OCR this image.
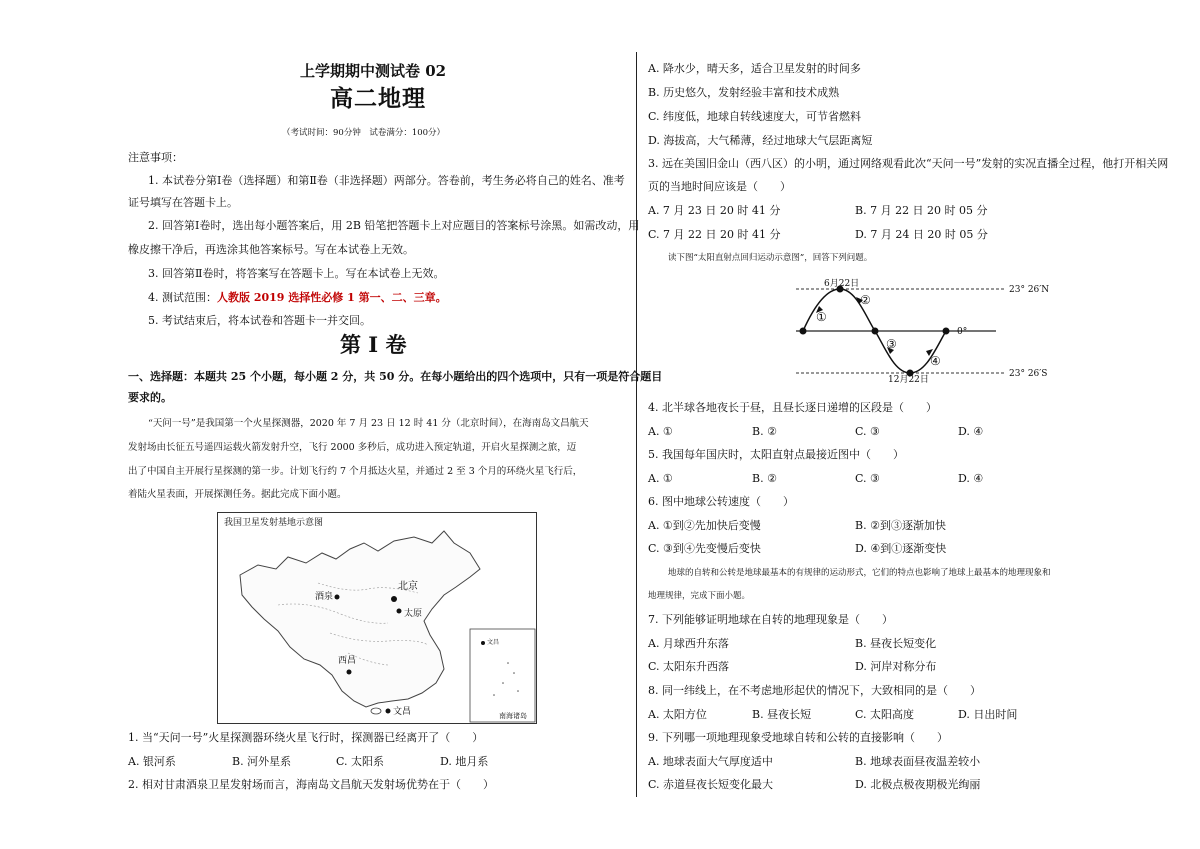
上学期期中测试卷 02
高二地理
（考试时间：90分钟　试卷满分：100分）
注意事项：
1. 本试卷分第Ⅰ卷（选择题）和第Ⅱ卷（非选择题）两部分。答卷前，考生务必将自己的姓名、准考
证号填写在答题卡上。
2. 回答第Ⅰ卷时，选出每小题答案后，用 2B 铅笔把答题卡上对应题目的答案标号涂黑。如需改动，用
橡皮擦干净后，再选涂其他答案标号。写在本试卷上无效。
3. 回答第Ⅱ卷时，将答案写在答题卡上。写在本试卷上无效。
4. 测试范围：人教版 2019 选择性必修 1 第一、二、三章。
5. 考试结束后，将本试卷和答题卡一并交回。
第 I 卷
一、选择题：本题共 25 个小题，每小题 2 分，共 50 分。在每小题给出的四个选项中，只有一项是符合题目
要求的。
“天问一号”是我国第一个火星探测器，2020 年 7 月 23 日 12 时 41 分（北京时间），在海南岛文昌航天
发射场由长征五号遥四运载火箭发射升空，飞行 2000 多秒后，成功进入预定轨道，开启火星探测之旅，迈
出了中国自主开展行星探测的第一步。计划飞行约 7 个月抵达火星，并通过 2 至 3 个月的环绕火星飞行后，
着陆火星表面，开展探测任务。据此完成下面小题。
我国卫星发射基地示意图
北京
酒泉
太原
西昌
文昌
文昌
南海诸岛
1. 当“天问一号”火星探测器环绕火星飞行时，探测器已经离开了（　　）
A. 银河系	B. 河外星系	C. 太阳系	D. 地月系
2. 相对甘肃酒泉卫星发射场而言，海南岛文昌航天发射场优势在于（　　）
A. 降水少，晴天多，适合卫星发射的时间多
B. 历史悠久，发射经验丰富和技术成熟
C. 纬度低，地球自转线速度大，可节省燃料
D. 海拔高，大气稀薄，经过地球大气层距离短
3. 远在美国旧金山（西八区）的小明，通过网络观看此次“天问一号”发射的实况直播全过程，他打开相关网
页的当地时间应该是（　　）
A. 7 月 23 日 20 时 41 分	B. 7 月 22 日 20 时 05 分
C. 7 月 22 日 20 时 41 分	D. 7 月 24 日 20 时 05 分
读下图“太阳直射点回归运动示意图”，回答下列问题。
6月22日
12月22日
23° 26′N
0°
23° 26′S
①
②
③
④
4. 北半球各地夜长于昼，且昼长逐日递增的区段是（　　）
A. ①	B. ②	C. ③	D. ④
5. 我国每年国庆时，太阳直射点最接近图中（　　）
A. ①	B. ②	C. ③	D. ④
6. 图中地球公转速度（　　）
A. ①到②先加快后变慢	B. ②到③逐渐加快
C. ③到④先变慢后变快	D. ④到①逐渐变快
地球的自转和公转是地球最基本的有规律的运动形式，它们的特点也影响了地球上最基本的地理现象和
地理规律，完成下面小题。
7. 下列能够证明地球在自转的地理现象是（　　）
A. 月球西升东落	B. 昼夜长短变化
C. 太阳东升西落	D. 河岸对称分布
8. 同一纬线上，在不考虑地形起伏的情况下，大致相同的是（　　）
A. 太阳方位	B. 昼夜长短	C. 太阳高度	D. 日出时间
9. 下列哪一项地理现象受地球自转和公转的直接影响（　　）
A. 地球表面大气厚度适中	B. 地球表面昼夜温差较小
C. 赤道昼夜长短变化最大	D. 北极点极夜期极光绚丽
